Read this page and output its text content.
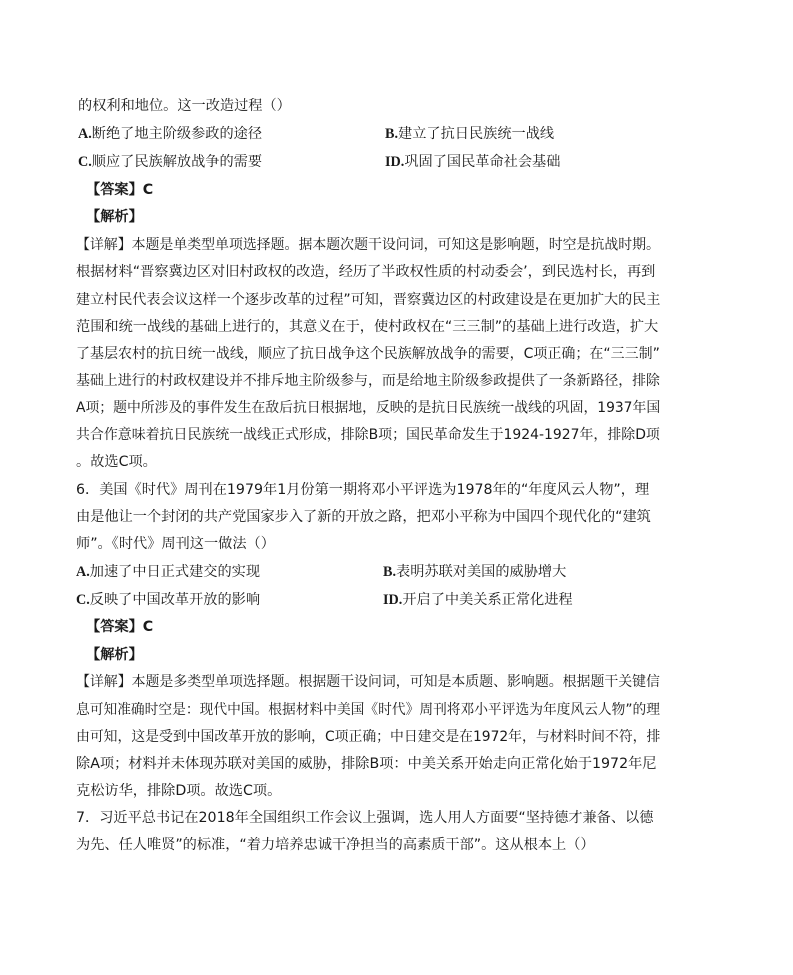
的权利和地位。这一改造过程（）
A.断绝了地主阶级参政的途径	B.建立了抗日民族统一战线
C.顺应了民族解放战争的需要	ID.巩固了国民革命社会基础
【答案】C
【解析】
【详解】本题是单类型单项选择题。据本题次题干设问词，可知这是影响题，时空是抗战时期。
根据材料“晋察冀边区对旧村政权的改造，经历了半政权性质的村动委会’，到民选村长，再到
建立村民代表会议这样一个逐步改革的过程”可知，晋察冀边区的村政建设是在更加扩大的民主
范围和统一战线的基础上进行的，其意义在于，使村政权在“三三制”的基础上进行改造，扩大
了基层农村的抗日统一战线，顺应了抗日战争这个民族解放战争的需要，C项正确；在“三三制”
基础上进行的村政权建设并不排斥地主阶级参与，而是给地主阶级参政提供了一条新路径，排除
A项；题中所涉及的事件发生在敌后抗日根据地，反映的是抗日民族统一战线的巩固，1937年国
共合作意味着抗日民族统一战线正式形成，排除B项；国民革命发生于1924-1927年，排除D项
。故选C项。
6．美国《时代》周刊在1979年1月份第一期将邓小平评选为1978年的“年度风云人物”，理
由是他让一个封闭的共产党国家步入了新的开放之路，把邓小平称为中国四个现代化的“建筑
师”。《时代》周刊这一做法（）
A.加速了中日正式建交的实现	B.表明苏联对美国的威胁增大
C.反映了中国改革开放的影响	ID.开启了中美关系正常化进程
【答案】C
【解析】
【详解】本题是多类型单项选择题。根据题干设问词，可知是本质题、影响题。根据题干关键信
息可知准确时空是：现代中国。根据材料中美国《时代》周刊将邓小平评选为年度风云人物”的理
由可知，这是受到中国改革开放的影响，C项正确；中日建交是在1972年，与材料时间不符，排
除A项；材料并未体现苏联对美国的威胁，排除B项：中美关系开始走向正常化始于1972年尼
克松访华，排除D项。故选C项。
7．习近平总书记在2018年全国组织工作会议上强调，选人用人方面要“坚持德才兼备、以德
为先、任人唯贤”的标准，“着力培养忠诚干净担当的高素质干部”。这从根本上（）
